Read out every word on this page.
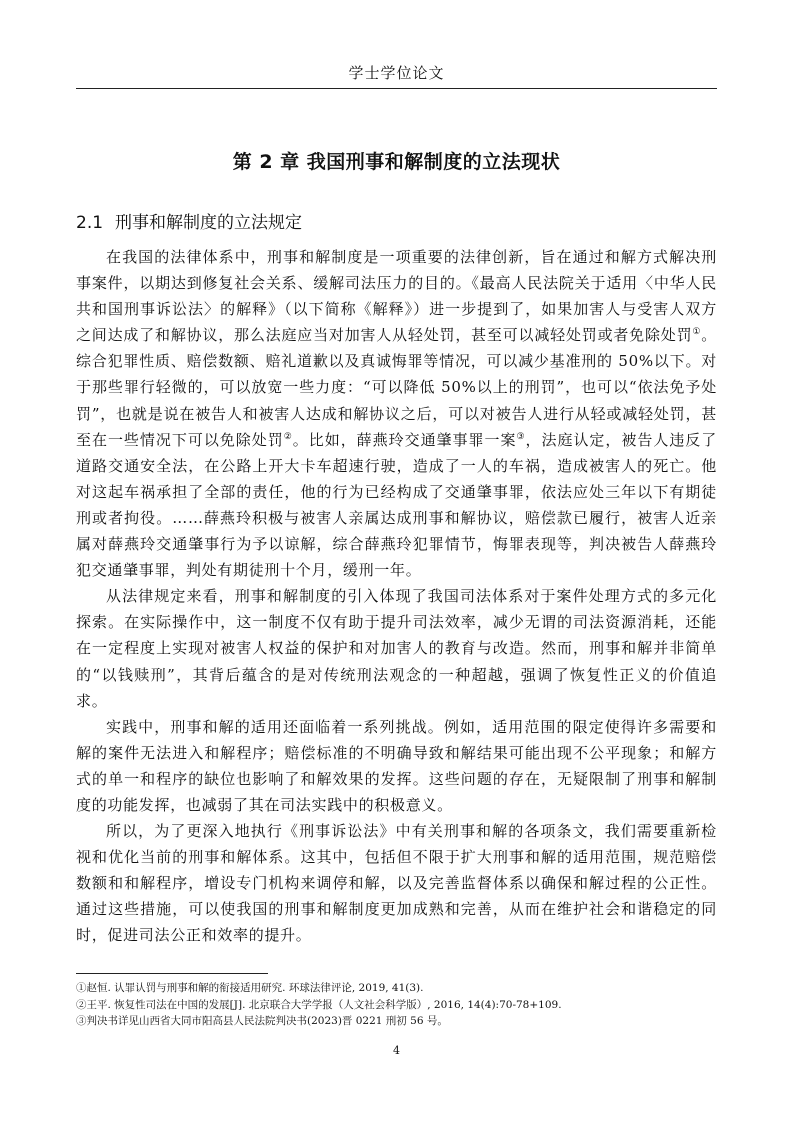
学士学位论文
第 2 章 我国刑事和解制度的立法现状
2.1 刑事和解制度的立法规定

在我国的法律体系中，刑事和解制度是一项重要的法律创新，旨在通过和解方式解决刑事案件，以期达到修复社会关系、缓解司法压力的目的。《最高人民法院关于适用〈中华人民共和国刑事诉讼法〉的解释》（以下简称《解释》）进一步提到了，如果加害人与受害人双方之间达成了和解协议，那么法庭应当对加害人从轻处罚，甚至可以减轻处罚或者免除处罚①。综合犯罪性质、赔偿数额、赔礼道歉以及真诚悔罪等情况，可以减少基准刑的 50%以下。对于那些罪行轻微的，可以放宽一些力度：“可以降低 50%以上的刑罚”，也可以“依法免予处罚”，也就是说在被告人和被害人达成和解协议之后，可以对被告人进行从轻或减轻处罚，甚至在一些情况下可以免除处罚②。比如，薛燕玲交通肇事罪一案③，法庭认定，被告人违反了道路交通安全法，在公路上开大卡车超速行驶，造成了一人的车祸，造成被害人的死亡。他对这起车祸承担了全部的责任，他的行为已经构成了交通肇事罪，依法应处三年以下有期徒刑或者拘役。……薛燕玲积极与被害人亲属达成刑事和解协议，赔偿款已履行，被害人近亲属对薛燕玲交通肇事行为予以谅解，综合薛燕玲犯罪情节，悔罪表现等，判决被告人薛燕玲犯交通肇事罪，判处有期徒刑十个月，缓刑一年。

从法律规定来看，刑事和解制度的引入体现了我国司法体系对于案件处理方式的多元化探索。在实际操作中，这一制度不仅有助于提升司法效率，减少无谓的司法资源消耗，还能在一定程度上实现对被害人权益的保护和对加害人的教育与改造。然而，刑事和解并非简单的“以钱赎刑”，其背后蕴含的是对传统刑法观念的一种超越，强调了恢复性正义的价值追求。

实践中，刑事和解的适用还面临着一系列挑战。例如，适用范围的限定使得许多需要和解的案件无法进入和解程序；赔偿标准的不明确导致和解结果可能出现不公平现象；和解方式的单一和程序的缺位也影响了和解效果的发挥。这些问题的存在，无疑限制了刑事和解制度的功能发挥，也减弱了其在司法实践中的积极意义。

所以，为了更深入地执行《刑事诉讼法》中有关刑事和解的各项条文，我们需要重新检视和优化当前的刑事和解体系。这其中，包括但不限于扩大刑事和解的适用范围，规范赔偿数额和和解程序，增设专门机构来调停和解，以及完善监督体系以确保和解过程的公正性。通过这些措施，可以使我国的刑事和解制度更加成熟和完善，从而在维护社会和谐稳定的同时，促进司法公正和效率的提升。

①赵恒. 认罪认罚与刑事和解的衔接适用研究. 环球法律评论, 2019, 41(3).
②王平. 恢复性司法在中国的发展[J]. 北京联合大学学报（人文社会科学版）, 2016, 14(4):70-78+109.
③判决书详见山西省大同市阳高县人民法院判决书(2023)晋 0221 刑初 56 号。
4
